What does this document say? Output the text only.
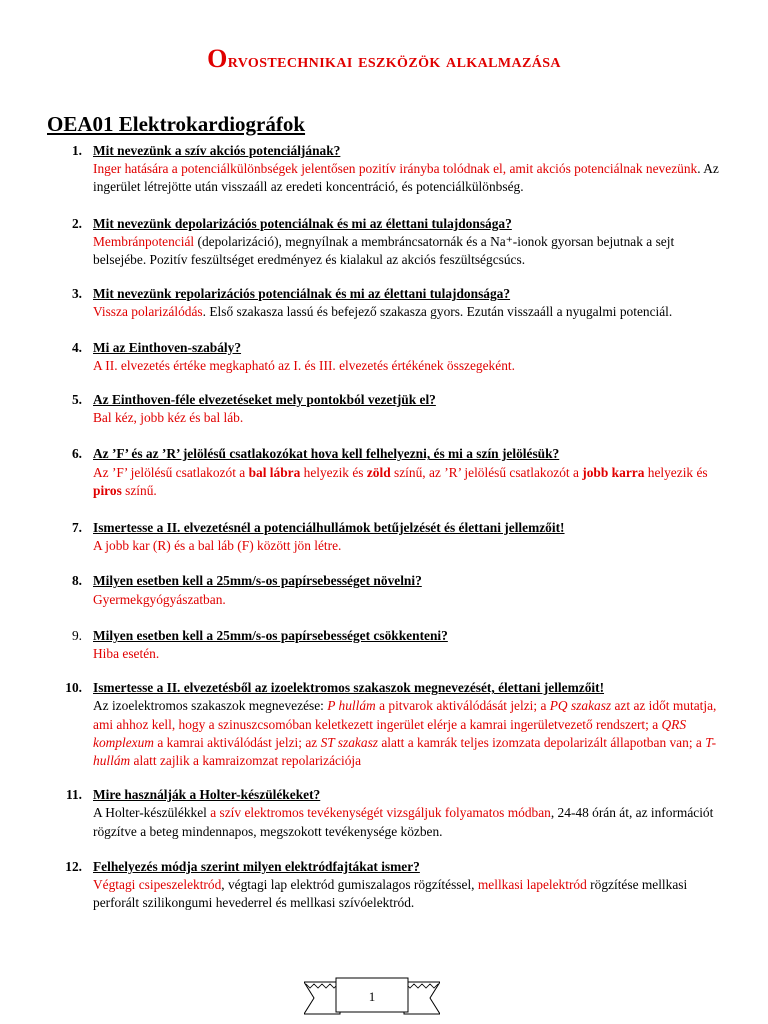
Orvostechnikai eszközök alkalmazása
OEA01 Elektrokardiográfok
1. Mit nevezünk a szív akciós potenciáljának?
Inger hatására a potenciálkülönbségek jelentősen pozitív irányba tolódnak el, amit akciós potenciálnak nevezünk. Az ingerület létrejötte után visszaáll az eredeti koncentráció, és potenciálkülönbség.
2. Mit nevezünk depolarizációs potenciálnak és mi az élettani tulajdonsága?
Membránpotenciál (depolarizáció), megnyílnak a membráncsatornák és a Na⁺-ionok gyorsan bejutnak a sejt belsejébe. Pozitív feszültséget eredményez és kialakul az akciós feszültségcsúcs.
3. Mit nevezünk repolarizációs potenciálnak és mi az élettani tulajdonsága?
Vissza polarizálódás. Első szakasza lassú és befejező szakasza gyors. Ezután visszaáll a nyugalmi potenciál.
4. Mi az Einthoven-szabály?
A II. elvezetés értéke megkapható az I. és III. elvezetés értékének összegeként.
5. Az Einthoven-féle elvezetéseket mely pontokból vezetjük el?
Bal kéz, jobb kéz és bal láb.
6. Az ’F’ és az ’R’ jelölésű csatlakozókat hova kell felhelyezni, és mi a szín jelölésük?
Az ’F’ jelölésű csatlakozót a bal lábra helyezik és zöld színű, az ’R’ jelölésű csatlakozót a jobb karra helyezik és piros színű.
7. Ismertesse a II. elvezetésnél a potenciálhullámok betűjelzését és élettani jellemzőit!
A jobb kar (R) és a bal láb (F) között jön létre.
8. Milyen esetben kell a 25mm/s-os papírsebességet növelni?
Gyermekgyógyászatban.
9. Milyen esetben kell a 25mm/s-os papírsebességet csökkenteni?
Hiba esetén.
10. Ismertesse a II. elvezetésből az izoelektromos szakaszok megnevezését, élettani jellemzőit!
Az izoelektromos szakaszok megnevezése: P hullám a pitvarok aktiválódását jelzi; a PQ szakasz azt az időt mutatja, ami ahhoz kell, hogy a szinuszcsomóban keletkezett ingerület elérje a kamrai ingerületvezető rendszert; a QRS komplexum a kamrai aktiválódást jelzi; az ST szakasz alatt a kamrák teljes izomzata depolarizált állapotban van; a T-hullám alatt zajlik a kamraizomzat repolarizációja
11. Mire használják a Holter-készülékeket?
A Holter-készülékkel a szív elektromos tevékenységét vizsgáljuk folyamatos módban, 24-48 órán át, az információt rögzítve a beteg mindennapos, megszokott tevékenysége közben.
12. Felhelyezés módja szerint milyen elektródfajtákat ismer?
Végtagi csipeszelektród, végtagi lap elektród gumiszalagos rögzítéssel, mellkasi lapelektród rögzítése mellkasi perforált szilikongumi hevederrel és mellkasi szívóelektród.
1
